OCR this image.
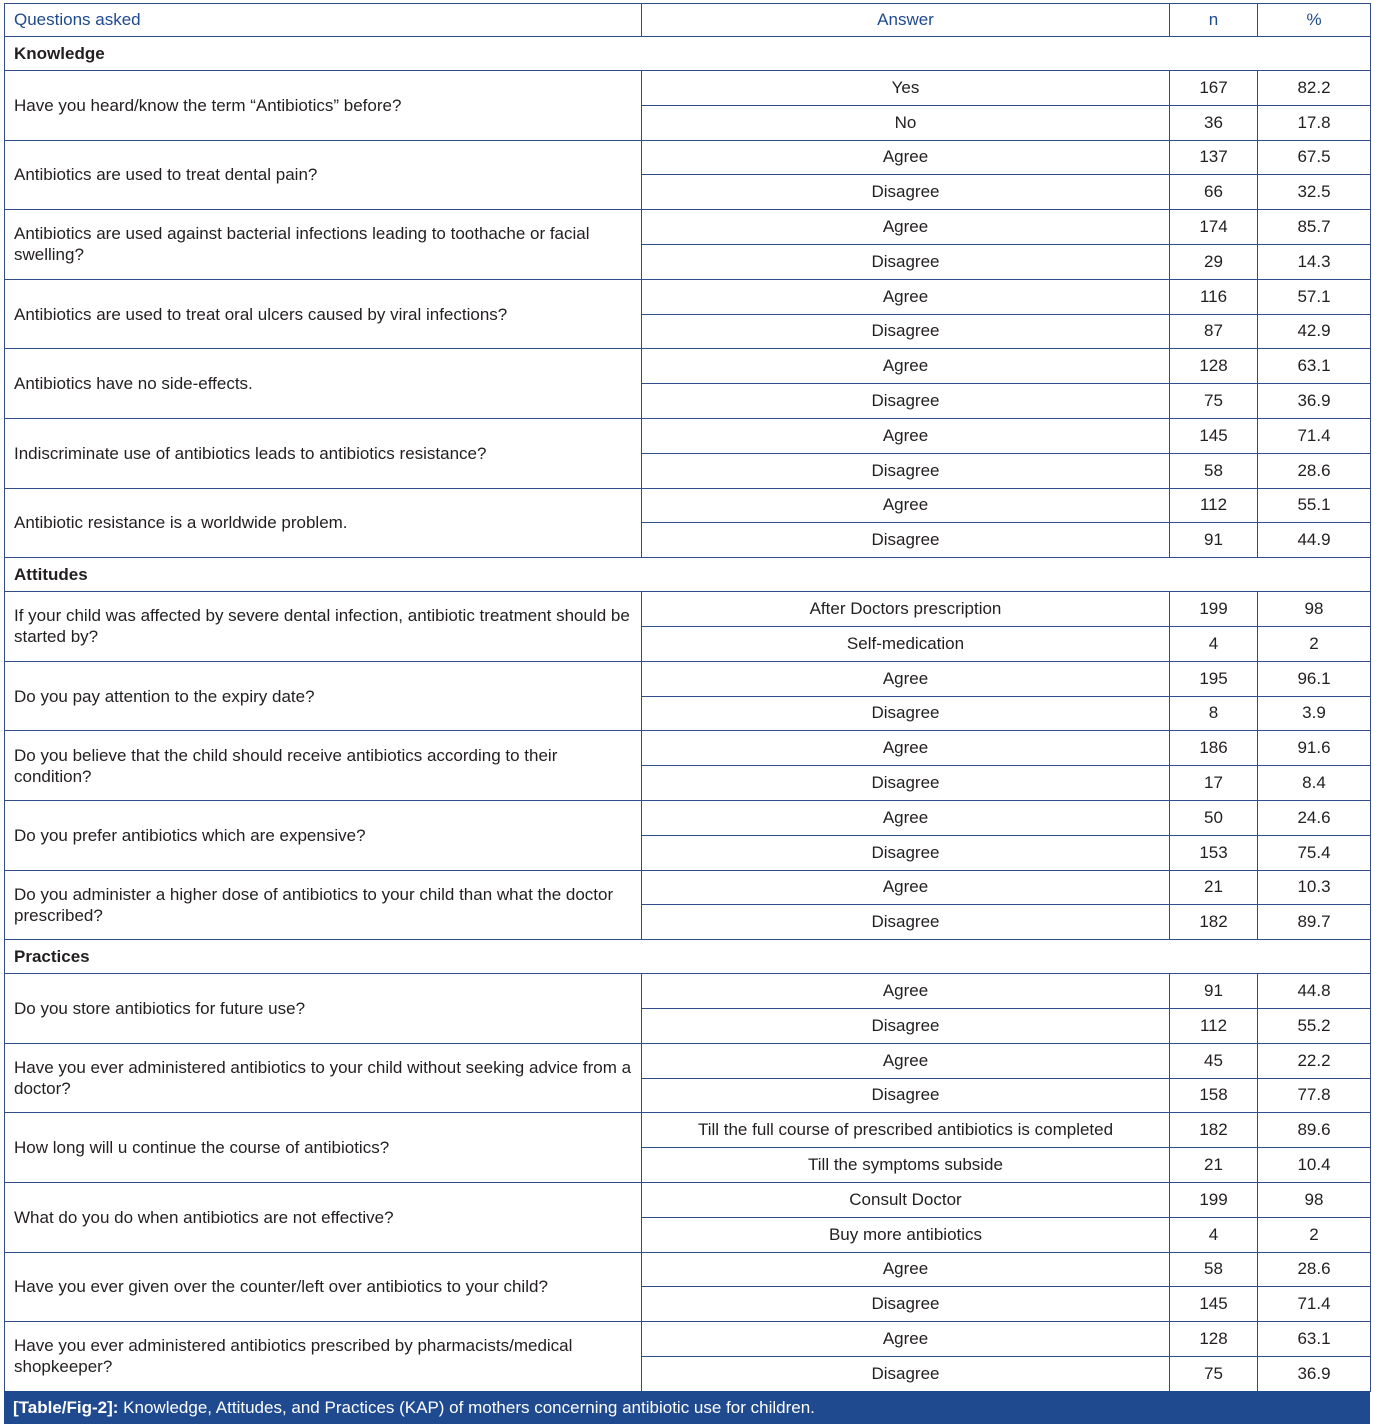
Questions asked	Answer	n	%
Knowledge			
Have you heard/know the term “Antibiotics” before?	Yes	167	82.2
	No	36	17.8
Antibiotics are used to treat dental pain?	Agree	137	67.5
	Disagree	66	32.5
Antibiotics are used against bacterial infections leading to toothache or facial swelling?	Agree	174	85.7
	Disagree	29	14.3
Antibiotics are used to treat oral ulcers caused by viral infections?	Agree	116	57.1
	Disagree	87	42.9
Antibiotics have no side-effects.	Agree	128	63.1
	Disagree	75	36.9
Indiscriminate use of antibiotics leads to antibiotics resistance?	Agree	145	71.4
	Disagree	58	28.6
Antibiotic resistance is a worldwide problem.	Agree	112	55.1
	Disagree	91	44.9
Attitudes			
If your child was affected by severe dental infection, antibiotic treatment should be started by?	After Doctors prescription	199	98
	Self-medication	4	2
Do you pay attention to the expiry date?	Agree	195	96.1
	Disagree	8	3.9
Do you believe that the child should receive antibiotics according to their condition?	Agree	186	91.6
	Disagree	17	8.4
Do you prefer antibiotics which are expensive?	Agree	50	24.6
	Disagree	153	75.4
Do you administer a higher dose of antibiotics to your child than what the doctor prescribed?	Agree	21	10.3
	Disagree	182	89.7
Practices			
Do you store antibiotics for future use?	Agree	91	44.8
	Disagree	112	55.2
Have you ever administered antibiotics to your child without seeking advice from a doctor?	Agree	45	22.2
	Disagree	158	77.8
How long will u continue the course of antibiotics?	Till the full course of prescribed antibiotics is completed	182	89.6
	Till the symptoms subside	21	10.4
What do you do when antibiotics are not effective?	Consult Doctor	199	98
	Buy more antibiotics	4	2
Have you ever given over the counter/left over antibiotics to your child?	Agree	58	28.6
	Disagree	145	71.4
Have you ever administered antibiotics prescribed by pharmacists/medical shopkeeper?	Agree	128	63.1
	Disagree	75	36.9
[Table/Fig-2]: Knowledge, Attitudes, and Practices (KAP) of mothers concerning antibiotic use for children.
